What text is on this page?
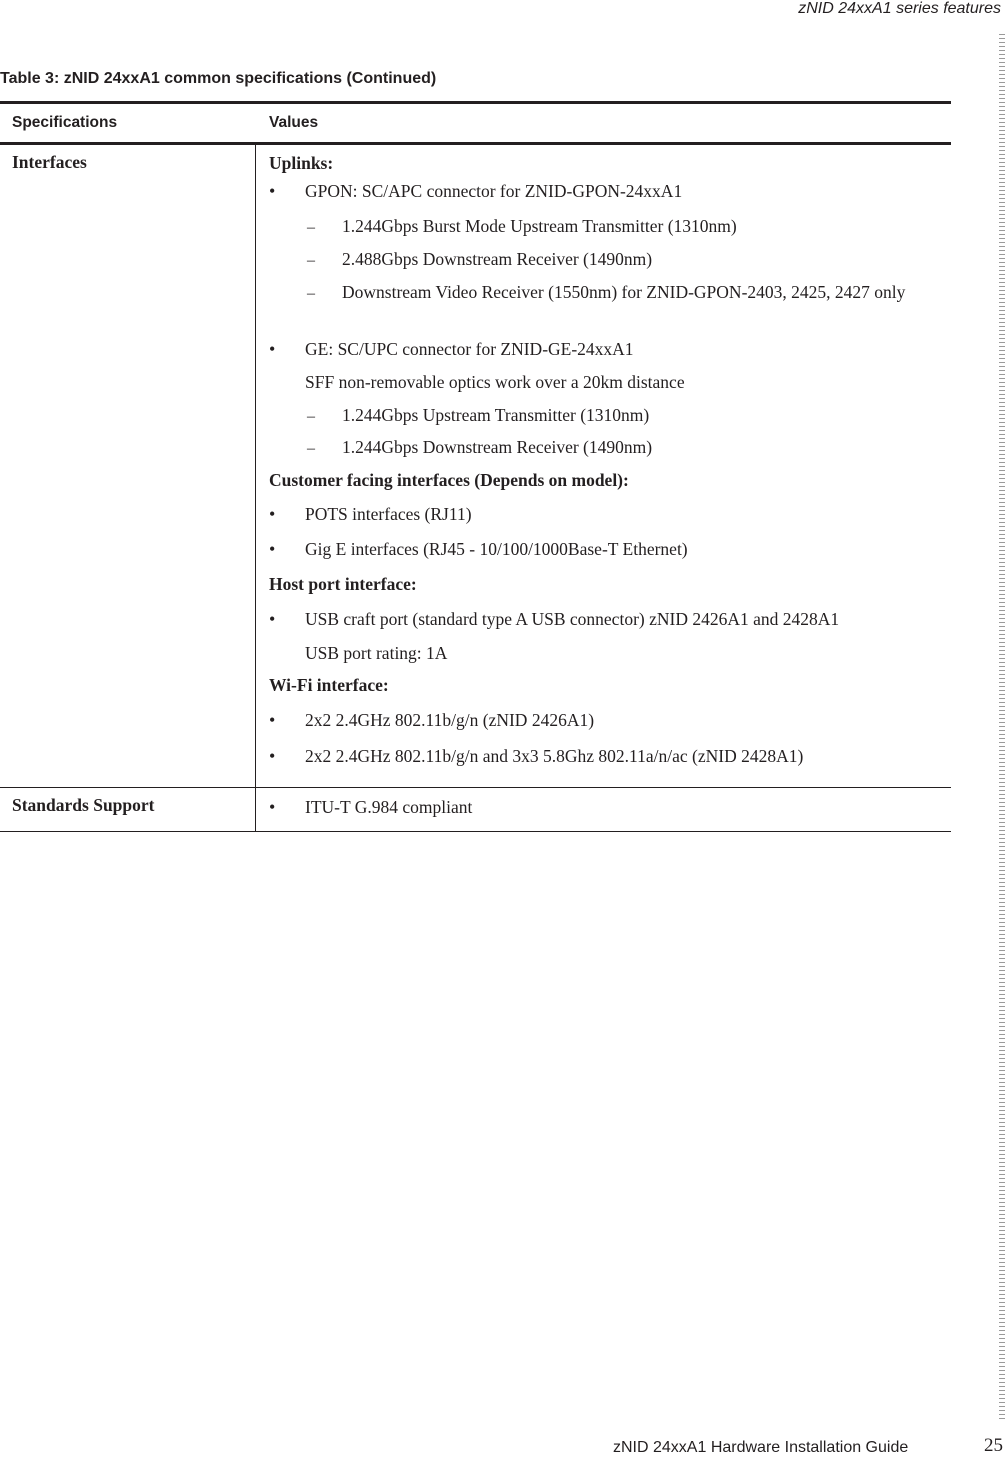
zNID 24xxA1 series features
Table 3: zNID 24xxA1 common specifications (Continued)
Specifications	Values
Interfaces	Uplinks:
•	GPON: SC/APC connector for ZNID-GPON-24xxA1
– 1.244Gbps Burst Mode Upstream Transmitter (1310nm)
– 2.488Gbps Downstream Receiver (1490nm)
– Downstream Video Receiver (1550nm) for ZNID-GPON-2403, 2425, 2427 only
•	GE: SC/UPC connector for ZNID-GE-24xxA1
SFF non-removable optics work over a 20km distance
– 1.244Gbps Upstream Transmitter (1310nm)
– 1.244Gbps Downstream Receiver (1490nm)
Customer facing interfaces (Depends on model):
•	POTS interfaces (RJ11)
•	Gig E interfaces (RJ45 - 10/100/1000Base-T Ethernet)
Host port interface:
•	USB craft port (standard type A USB connector) zNID 2426A1 and 2428A1
USB port rating: 1A
Wi-Fi interface:
•	2x2 2.4GHz 802.11b/g/n (zNID 2426A1)
•	2x2 2.4GHz 802.11b/g/n and 3x3 5.8Ghz 802.11a/n/ac (zNID 2428A1)
Standards Support	•	ITU-T G.984 compliant
zNID 24xxA1 Hardware Installation Guide	25
